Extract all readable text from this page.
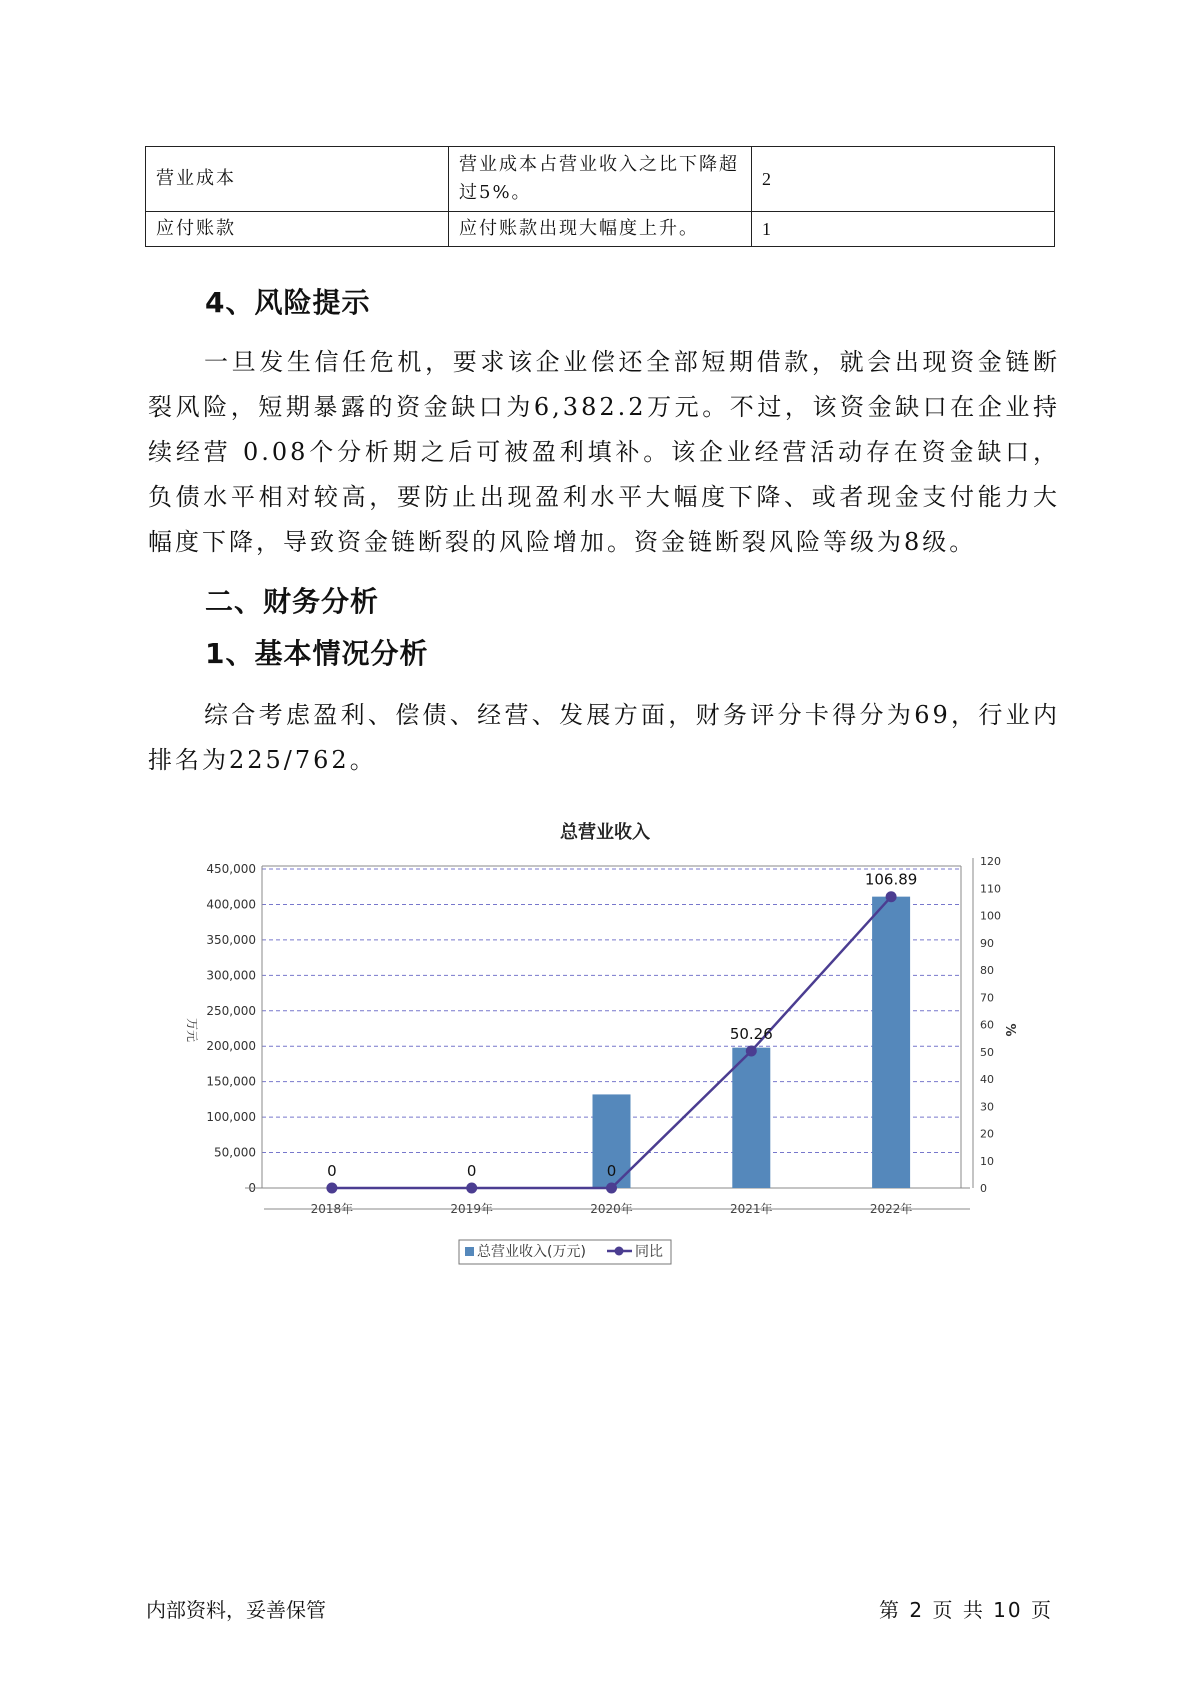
营业成本	营业成本占营业收入之比下降超过5%。	2
应付账款	应付账款出现大幅度上升。	1
4、风险提示

一旦发生信任危机，要求该企业偿还全部短期借款，就会出现资金链断裂风险，短期暴露的资金缺口为6,382.2万元。不过，该资金缺口在企业持续经营 0.08个分析期之后可被盈利填补。该企业经营活动存在资金缺口，负债水平相对较高，要防止出现盈利水平大幅度下降、或者现金支付能力大幅度下降，导致资金链断裂的风险增加。资金链断裂风险等级为8级。

二、财务分析
1、基本情况分析

综合考虑盈利、偿债、经营、发展方面，财务评分卡得分为69，行业内排名为225/762。

总营业收入
0
50,000
100,000
150,000
200,000
250,000
300,000
350,000
400,000
450,000
0
10
20
30
40
50
60
70
80
90
100
110
120
万元	%
2018年	2019年	2020年	2021年	2022年
0	0	0
50.26
106.89
总营业收入(万元)	同比
内部资料，妥善保管	第 2 页 共 10 页
